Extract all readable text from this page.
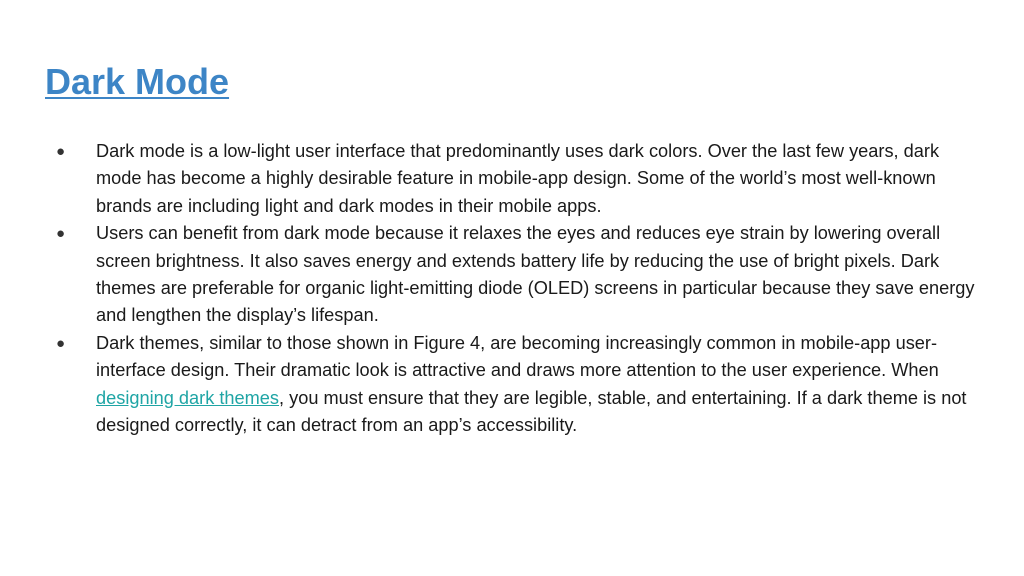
Dark Mode
●	Dark mode is a low-light user interface that predominantly uses dark colors. Over the last few years, dark mode has become a highly desirable feature in mobile-app design. Some of the world’s most well-known brands are including light and dark modes in their mobile apps.
●	Users can benefit from dark mode because it relaxes the eyes and reduces eye strain by lowering overall screen brightness. It also saves energy and extends battery life by reducing the use of bright pixels. Dark themes are preferable for organic light-emitting diode (OLED) screens in particular because they save energy and lengthen the display’s lifespan.
●	Dark themes, similar to those shown in Figure 4, are becoming increasingly common in mobile-app user-interface design. Their dramatic look is attractive and draws more attention to the user experience. When designing dark themes, you must ensure that they are legible, stable, and entertaining. If a dark theme is not designed correctly, it can detract from an app’s accessibility.
